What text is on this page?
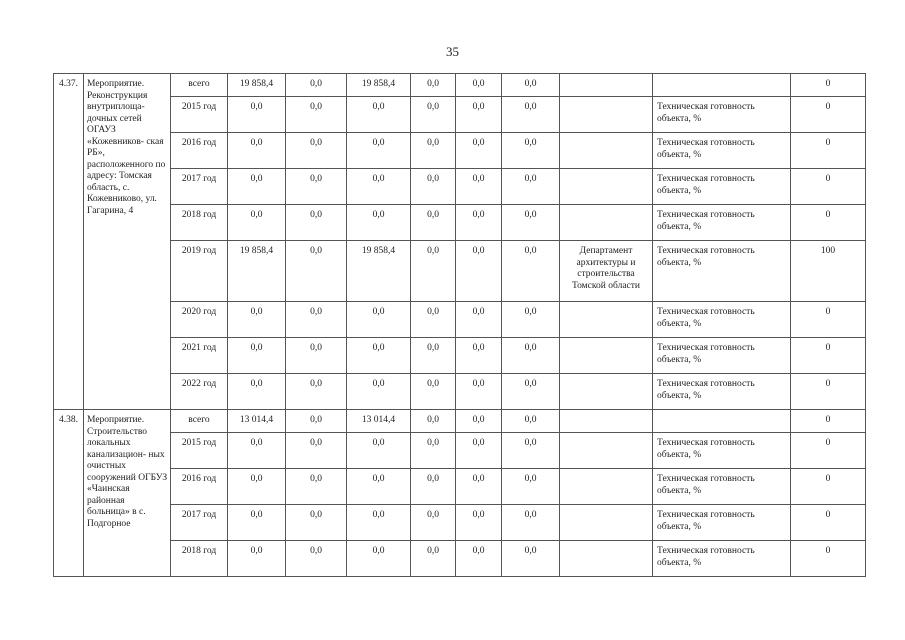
35
4.37.	Мероприятие. Реконструкция внутриплоща- дочных сетей ОГАУЗ «Кожевников- ская РБ», расположенного по адресу: Томская область, с. Кожевниково, ул. Гагарина, 4	всего	19 858,4	0,0	19 858,4	0,0	0,0	0,0			0
		2015 год	0,0	0,0	0,0	0,0	0,0	0,0		Техническая готовность объекта, %	0
		2016 год	0,0	0,0	0,0	0,0	0,0	0,0		Техническая готовность объекта, %	0
		2017 год	0,0	0,0	0,0	0,0	0,0	0,0		Техническая готовность объекта, %	0
		2018 год	0,0	0,0	0,0	0,0	0,0	0,0		Техническая готовность объекта, %	0
		2019 год	19 858,4	0,0	19 858,4	0,0	0,0	0,0	Департамент архитектуры и строительства Томской области	Техническая готовность объекта, %	100
		2020 год	0,0	0,0	0,0	0,0	0,0	0,0		Техническая готовность объекта, %	0
		2021 год	0,0	0,0	0,0	0,0	0,0	0,0		Техническая готовность объекта, %	0
		2022 год	0,0	0,0	0,0	0,0	0,0	0,0		Техническая готовность объекта, %	0
4.38.	Мероприятие. Строительство локальных канализацион- ных очистных сооружений ОГБУЗ «Чаинская районная больница» в с. Подгорное	всего	13 014,4	0,0	13 014,4	0,0	0,0	0,0			0
		2015 год	0,0	0,0	0,0	0,0	0,0	0,0		Техническая готовность объекта, %	0
		2016 год	0,0	0,0	0,0	0,0	0,0	0,0		Техническая готовность объекта, %	0
		2017 год	0,0	0,0	0,0	0,0	0,0	0,0		Техническая готовность объекта, %	0
		2018 год	0,0	0,0	0,0	0,0	0,0	0,0		Техническая готовность объекта, %	0
